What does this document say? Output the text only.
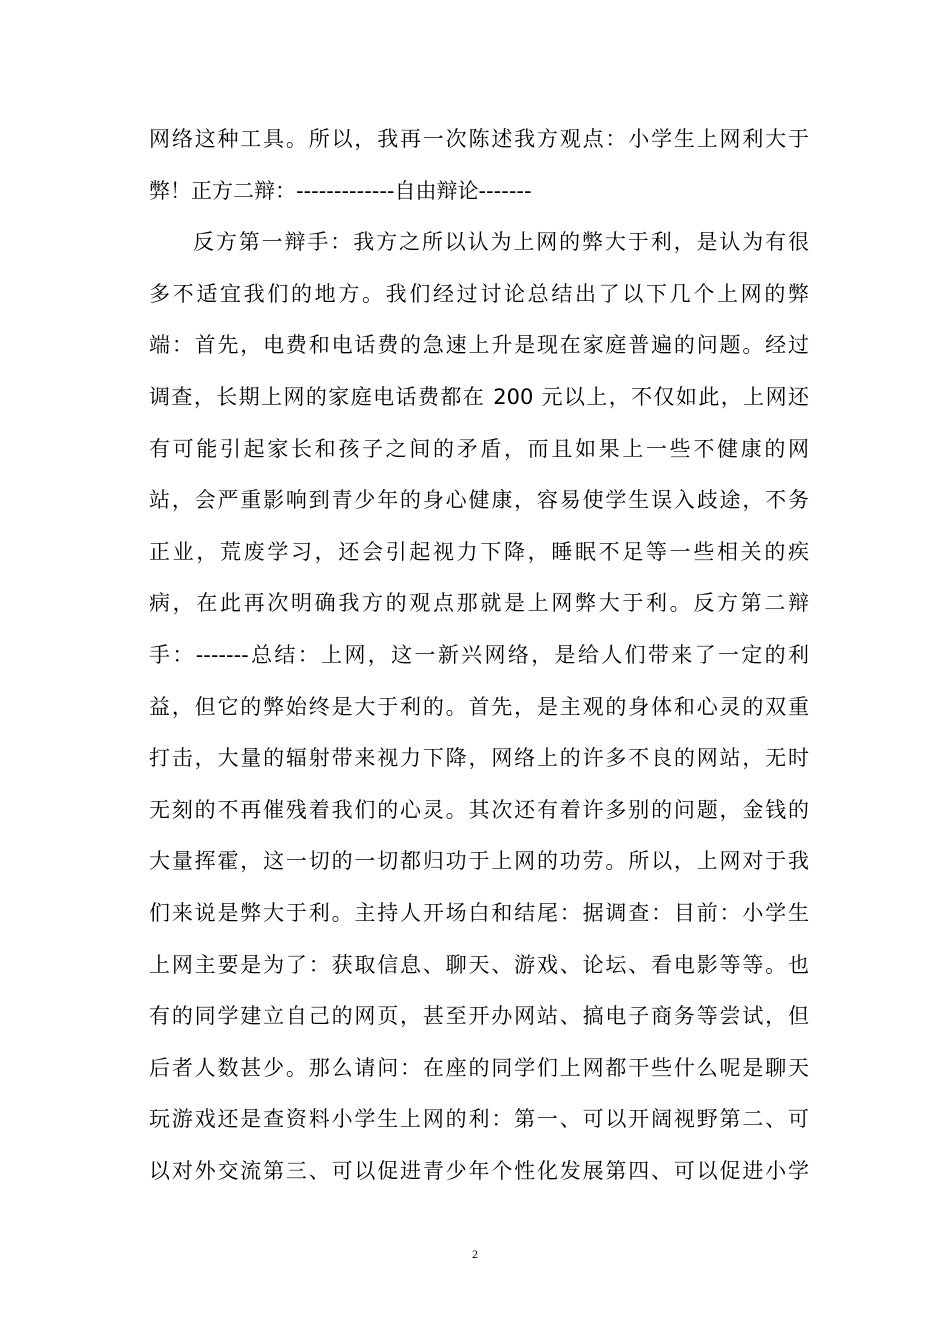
网络这种工具。所以，我再一次陈述我方观点：小学生上网利大于
弊！正方二辩：-------------自由辩论-------
反方第一辩手：我方之所以认为上网的弊大于利，是认为有很
多不适宜我们的地方。我们经过讨论总结出了以下几个上网的弊
端：首先，电费和电话费的急速上升是现在家庭普遍的问题。经过
调查，长期上网的家庭电话费都在 200 元以上，不仅如此，上网还
有可能引起家长和孩子之间的矛盾，而且如果上一些不健康的网
站，会严重影响到青少年的身心健康，容易使学生误入歧途，不务
正业，荒废学习，还会引起视力下降，睡眠不足等一些相关的疾
病，在此再次明确我方的观点那就是上网弊大于利。反方第二辩
手：-------总结：上网，这一新兴网络，是给人们带来了一定的利
益，但它的弊始终是大于利的。首先，是主观的身体和心灵的双重
打击，大量的辐射带来视力下降，网络上的许多不良的网站，无时
无刻的不再催残着我们的心灵。其次还有着许多别的问题，金钱的
大量挥霍，这一切的一切都归功于上网的功劳。所以，上网对于我
们来说是弊大于利。主持人开场白和结尾：据调查：目前：小学生
上网主要是为了：获取信息、聊天、游戏、论坛、看电影等等。也
有的同学建立自己的网页，甚至开办网站、搞电子商务等尝试，但
后者人数甚少。那么请问：在座的同学们上网都干些什么呢是聊天
玩游戏还是查资料小学生上网的利：第一、可以开阔视野第二、可
以对外交流第三、可以促进青少年个性化发展第四、可以促进小学
2
